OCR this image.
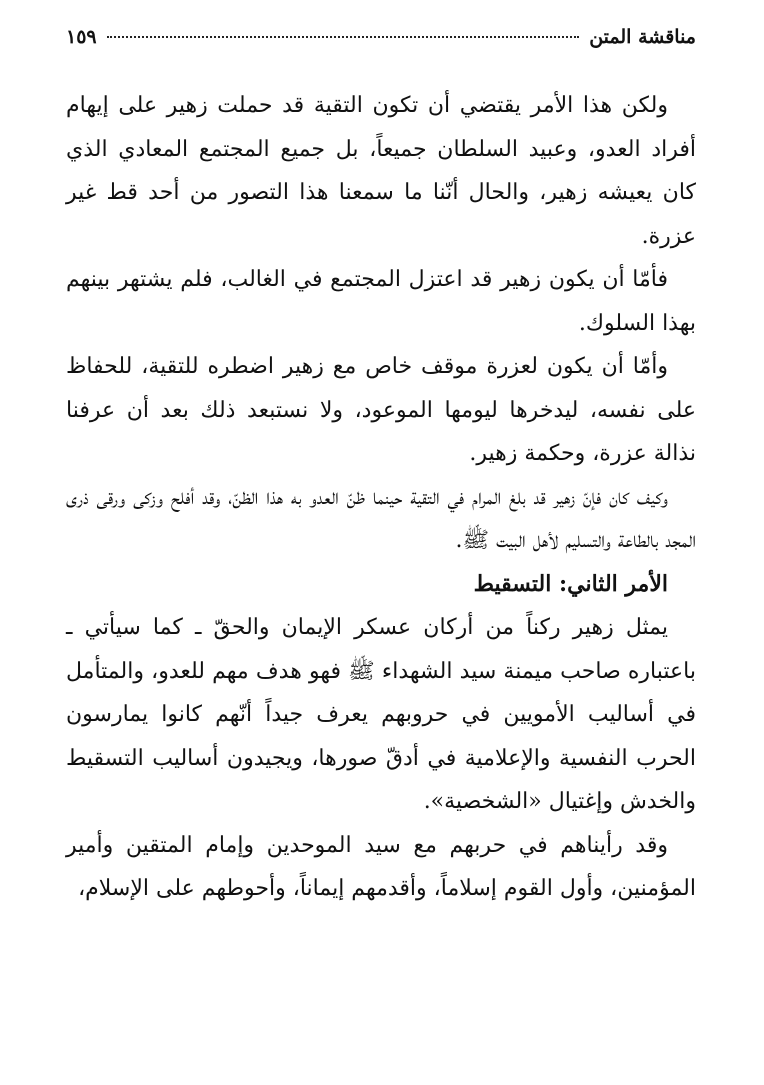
مناقشة المتن
١٥٩

ولكن هذا الأمر يقتضي أن تكون التقية قد حملت زهير على إيهام أفراد العدو، وعبيد السلطان جميعاً، بل جميع المجتمع المعادي الذي كان يعيشه زهير، والحال أنّنا ما سمعنا هذا التصور من أحد قط غير عزرة.

فأمّا أن يكون زهير قد اعتزل المجتمع في الغالب، فلم يشتهر بينهم بهذا السلوك.

وأمّا أن يكون لعزرة موقف خاص مع زهير اضطره للتقية، للحفاظ على نفسه، ليدخرها ليومها الموعود، ولا نستبعد ذلك بعد أن عرفنا نذالة عزرة، وحكمة زهير.

وكيف كان فإنّ زهير قد بلغ المرام في التقية حينما ظنّ العدو به هذا الظنّ، وقد أفلح وزكى ورقى ذرى المجد بالطاعة والتسليم لأهل البيت ﷺ.

الأمر الثاني: التسقيط

يمثل زهير ركناً من أركان عسكر الإيمان والحقّ ـ كما سيأتي ـ باعتباره صاحب ميمنة سيد الشهداء ﷺ فهو هدف مهم للعدو، والمتأمل في أساليب الأمويين في حروبهم يعرف جيداً أنّهم كانوا يمارسون الحرب النفسية والإعلامية في أدقّ صورها، ويجيدون أساليب التسقيط والخدش وإغتيال «الشخصية».

وقد رأيناهم في حربهم مع سيد الموحدين وإمام المتقين وأمير المؤمنين، وأول القوم إسلاماً، وأقدمهم إيماناً، وأحوطهم على الإسلام،
